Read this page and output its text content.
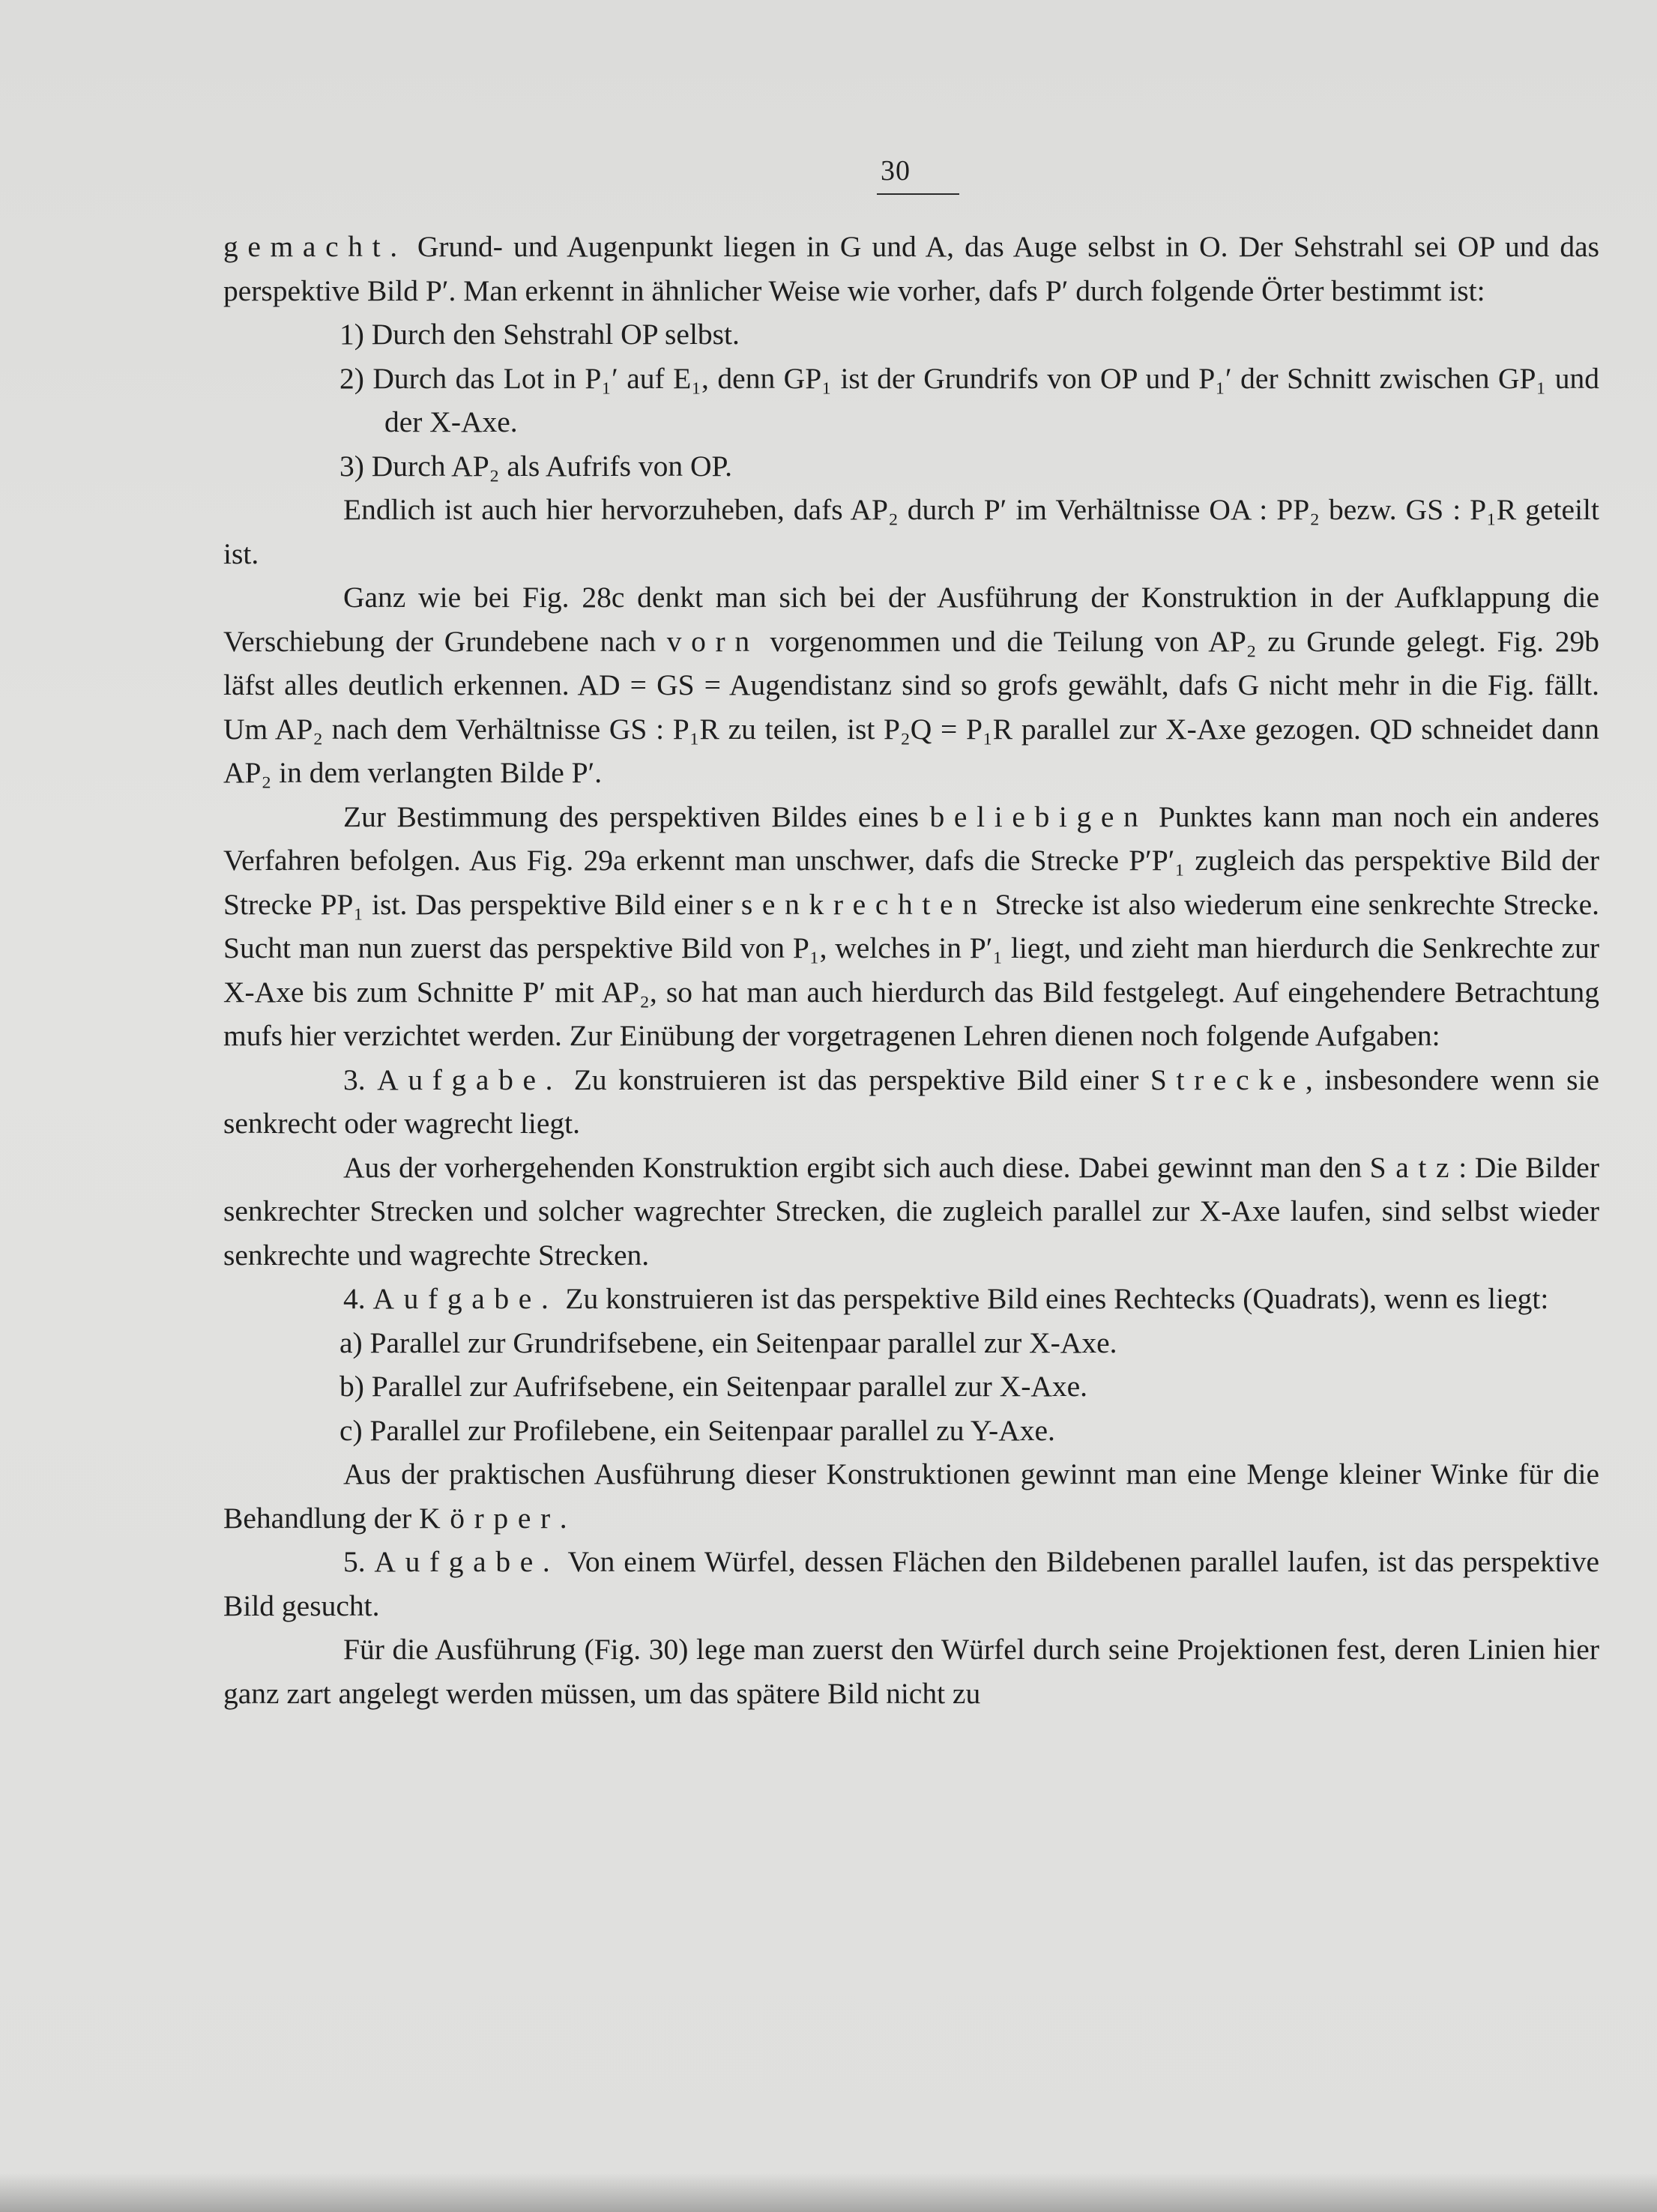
30

gemacht. Grund- und Augenpunkt liegen in G und A, das Auge selbst in O. Der Sehstrahl sei OP und das perspektive Bild P′. Man erkennt in ähnlicher Weise wie vorher, dafs P′ durch folgende Örter bestimmt ist:

1) Durch den Sehstrahl OP selbst.

2) Durch das Lot in P₁′ auf E₁, denn GP₁ ist der Grundrifs von OP und P₁′ der Schnitt zwischen GP₁ und der X-Axe.

3) Durch AP₂ als Aufrifs von OP.

Endlich ist auch hier hervorzuheben, dafs AP₂ durch P′ im Verhältnisse OA : PP₂ bezw. GS : P₁R geteilt ist.

Ganz wie bei Fig. 28c denkt man sich bei der Ausführung der Konstruktion in der Aufklappung die Verschiebung der Grundebene nach vorn vorgenommen und die Teilung von AP₂ zu Grunde gelegt. Fig. 29b läfst alles deutlich erkennen. AD = GS = Augendistanz sind so grofs gewählt, dafs G nicht mehr in die Fig. fällt. Um AP₂ nach dem Verhältnisse GS : P₁R zu teilen, ist P₂Q = P₁R parallel zur X-Axe gezogen. QD schneidet dann AP₂ in dem verlangten Bilde P′.

Zur Bestimmung des perspektiven Bildes eines beliebigen Punktes kann man noch ein anderes Verfahren befolgen. Aus Fig. 29a erkennt man unschwer, dafs die Strecke P′P′₁ zugleich das perspektive Bild der Strecke PP₁ ist. Das perspektive Bild einer senkrechten Strecke ist also wiederum eine senkrechte Strecke. Sucht man nun zuerst das perspektive Bild von P₁, welches in P′₁ liegt, und zieht man hierdurch die Senkrechte zur X-Axe bis zum Schnitte P′ mit AP₂, so hat man auch hierdurch das Bild festgelegt. Auf eingehendere Betrachtung mufs hier verzichtet werden. Zur Einübung der vorgetragenen Lehren dienen noch folgende Aufgaben:

3. Aufgabe. Zu konstruieren ist das perspektive Bild einer Strecke, insbesondere wenn sie senkrecht oder wagrecht liegt.

Aus der vorhergehenden Konstruktion ergibt sich auch diese. Dabei gewinnt man den Satz: Die Bilder senkrechter Strecken und solcher wagrechter Strecken, die zugleich parallel zur X-Axe laufen, sind selbst wieder senkrechte und wagrechte Strecken.

4. Aufgabe. Zu konstruieren ist das perspektive Bild eines Rechtecks (Quadrats), wenn es liegt:

a) Parallel zur Grundrifsebene, ein Seitenpaar parallel zur X-Axe.

b) Parallel zur Aufrifsebene, ein Seitenpaar parallel zur X-Axe.

c) Parallel zur Profilebene, ein Seitenpaar parallel zu Y-Axe.

Aus der praktischen Ausführung dieser Konstruktionen gewinnt man eine Menge kleiner Winke für die Behandlung der Körper.

5. Aufgabe. Von einem Würfel, dessen Flächen den Bildebenen parallel laufen, ist das perspektive Bild gesucht.

Für die Ausführung (Fig. 30) lege man zuerst den Würfel durch seine Projektionen fest, deren Linien hier ganz zart angelegt werden müssen, um das spätere Bild nicht zu
